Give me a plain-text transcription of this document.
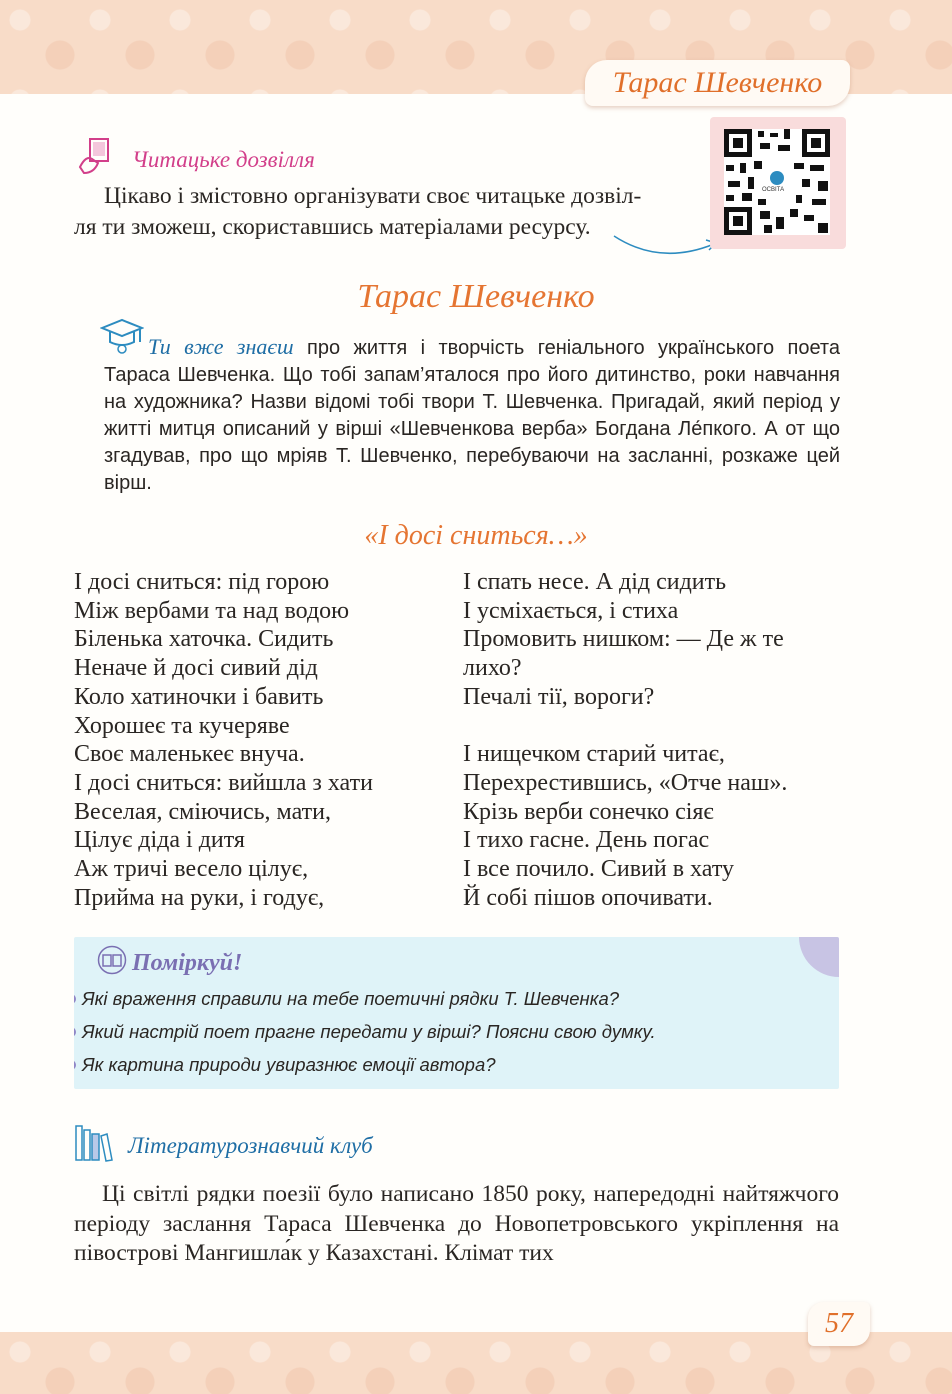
Тарас Шевченко
Читацьке дозвілля
Цікаво і змістовно організувати своє читацьке дозвіл-
ля ти зможеш, скориставшись матеріалами ресурсу.
ОСВІТА
Тарас Шевченко
Ти вже знаєш про життя і творчість геніального українського поета Тараса Шевченка. Що тобі запам’яталося про його дитинство, роки навчання на художника? Назви відомі тобі твори Т. Шевченка. Пригадай, який період у житті митця описаний у вірші «Шевченкова верба» Богдана Ле́пкого. А от що згадував, про що мріяв Т. Шевченко, перебуваючи на засланні, розкаже цей вірш.
«І досі сниться…»
І досі сниться: під горою
Між вербами та над водою
Біленька хаточка. Сидить
Неначе й досі сивий дід
Коло хатиночки і бавить
Хорошеє та кучеряве
Своє маленькеє внуча.
І досі сниться: вийшла з хати
Веселая, сміючись, мати,
Цілує діда і дитя
Аж тричі весело цілує,
Прийма на руки, і годує,
І спать несе. А дід сидить
І усміхається, і стиха
Промовить нишком: — Де ж те
лихо?
Печалі тії, вороги?
І нищечком старий читає,
Перехрестившись, «Отче наш».
Крізь верби сонечко сіяє
І тихо гасне. День погас
І все почило. Сивий в хату
Й собі пішов опочивати.
Поміркуй!
Які враження справили на тебе поетичні рядки Т. Шевченка?
Який настрій поет прагне передати у вірші? Поясни свою думку.
Як картина природи увиразнює емоції автора?
Літературознавчий клуб
Ці світлі рядки поезії було написано 1850 року, напередодні найтяжчого періоду заслання Тараса Шевченка до Новопетровського укріплення на півострові Мангишла́к у Казахстані. Клімат тих
57
